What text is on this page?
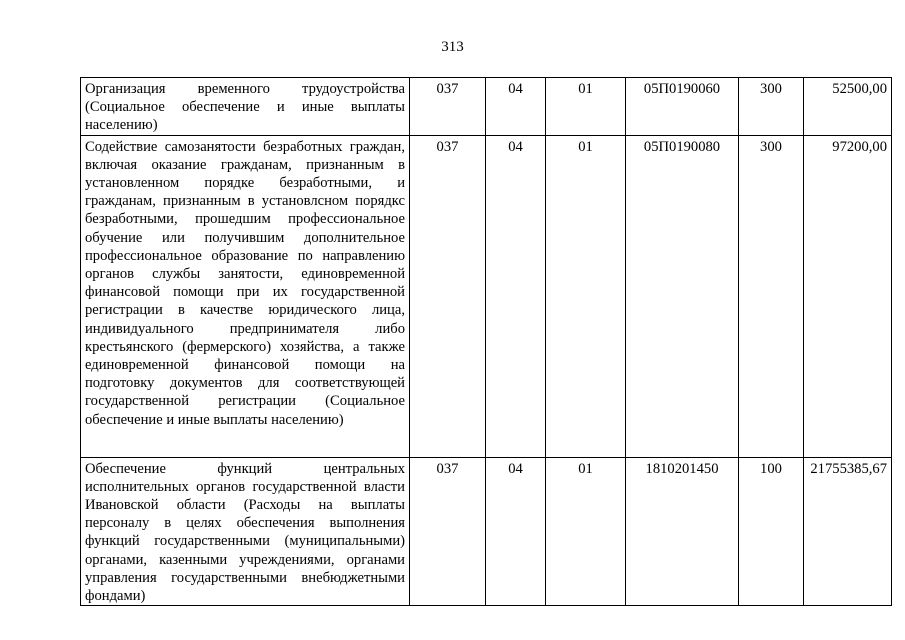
313
Организация временного трудоустройства (Социальное обеспечение и иные выплаты населению)	037	04	01	05П0190060	300	52500,00
Содействие самозанятости безработных граждан, включая оказание гражданам, признанным в установленном порядке безработными, и гражданам, признанным в установлсном порядкс безработными, прошедшим профессиональное обучение или получившим дополнительное профессиональное образование по направлению органов службы занятости, единовременной финансовой помощи при их государственной регистрации в качестве юридического лица, индивидуального предпринимателя либо крестьянского (фермерского) хозяйства, а также единовременной финансовой помощи на подготовку документов для соответствующей государственной регистрации (Социальное обеспечение и иные выплаты населению)	037	04	01	05П0190080	300	97200,00
Обеспечение функций центральных исполнительных органов государственной власти Ивановской области (Расходы на выплаты персоналу в целях обеспечения выполнения функций государственными (муниципальными) органами, казенными учреждениями, органами управления государственными внебюджетными фондами)	037	04	01	1810201450	100	21755385,67
